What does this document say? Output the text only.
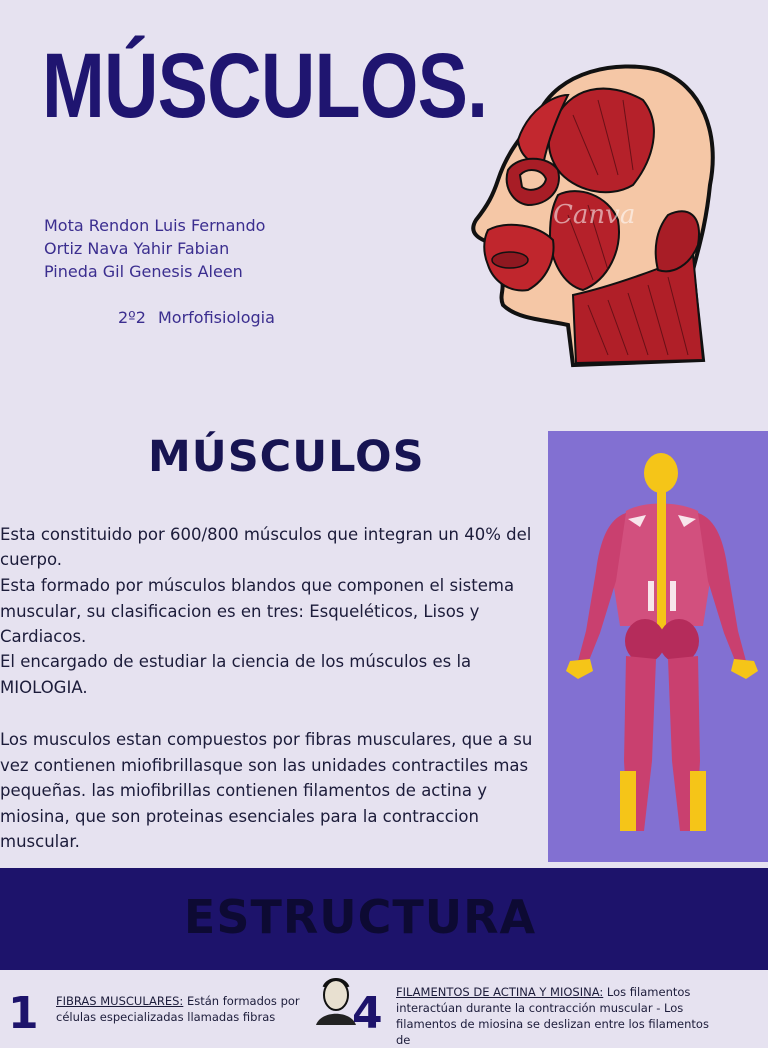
MÚSCULOS.
Mota Rendon Luis Fernando
Ortiz Nava Yahir Fabian
Pineda Gil Genesis Aleen
2º2 Morfofisiologia
Canva
MÚSCULOS

Esta constituido por 600/800 músculos que integran un 40% del

cuerpo.

Esta formado por músculos blandos que componen el sistema muscular, su clasificacion es en tres: Esqueléticos, Lisos y Cardiacos.

El encargado de estudiar la ciencia de los músculos es la MIOLOGIA.

Los musculos estan compuestos por fibras musculares, que a su vez contienen miofibrillasque son las unidades contractiles mas pequeñas. las miofibrillas contienen filamentos de actina y miosina, que son proteinas esenciales para la contraccion muscular.

ESTRUCTURA
1 FIBRAS MUSCULARES: Están formados por células especializadas llamadas fibras	4 FILAMENTOS DE ACTINA Y MIOSINA: Los filamentos interactúan durante la contracción muscular - Los filamentos de miosina se deslizan entre los filamentos de
